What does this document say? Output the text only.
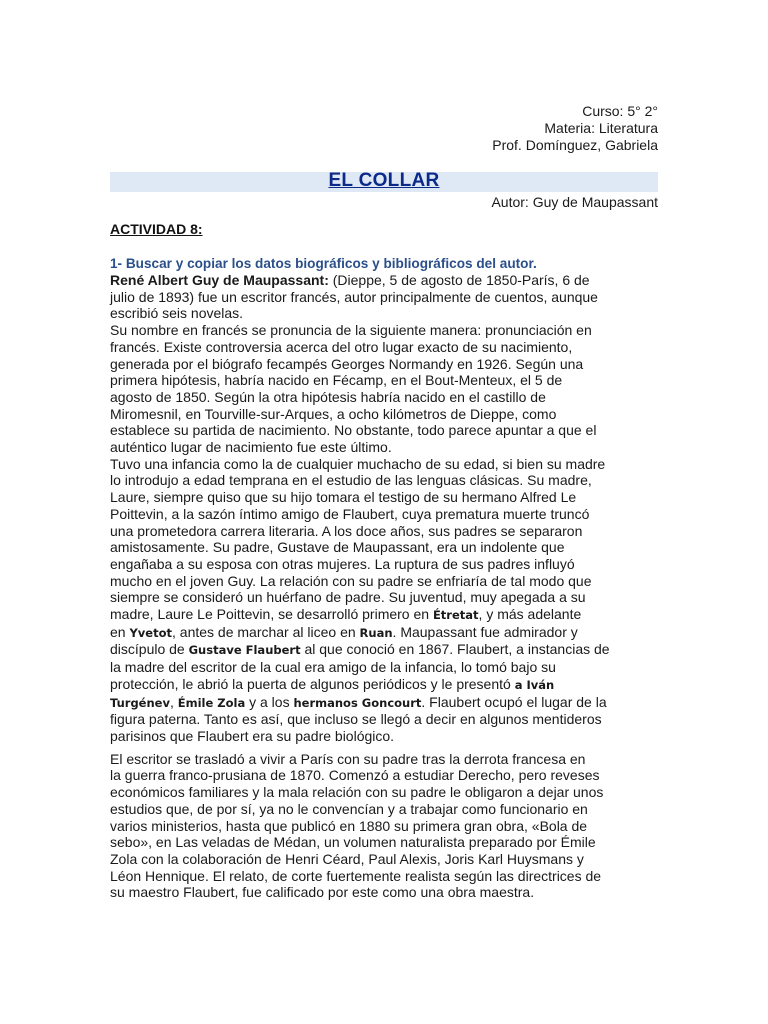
Curso: 5° 2°
Materia: Literatura
Prof. Domínguez, Gabriela
EL COLLAR
Autor: Guy de Maupassant
ACTIVIDAD 8:
1- Buscar y copiar los datos biográficos y bibliográficos del autor.

René Albert Guy de Maupassant: (Dieppe, 5 de agosto de 1850-París, 6 de
julio de 1893) fue un escritor francés, autor principalmente de cuentos, aunque
escribió seis novelas.
Su nombre en francés se pronuncia de la siguiente manera: pronunciación en
francés. Existe controversia acerca del otro lugar exacto de su nacimiento,
generada por el biógrafo fecampés Georges Normandy en 1926. Según una
primera hipótesis, habría nacido en Fécamp, en el Bout-Menteux, el 5 de
agosto de 1850. Según la otra hipótesis habría nacido en el castillo de
Miromesnil, en Tourville-sur-Arques, a ocho kilómetros de Dieppe, como
establece su partida de nacimiento. No obstante, todo parece apuntar a que el
auténtico lugar de nacimiento fue este último.
Tuvo una infancia como la de cualquier muchacho de su edad, si bien su madre
lo introdujo a edad temprana en el estudio de las lenguas clásicas. Su madre,
Laure, siempre quiso que su hijo tomara el testigo de su hermano Alfred Le
Poittevin, a la sazón íntimo amigo de Flaubert, cuya prematura muerte truncó
una prometedora carrera literaria. A los doce años, sus padres se separaron
amistosamente. Su padre, Gustave de Maupassant, era un indolente que
engañaba a su esposa con otras mujeres. La ruptura de sus padres influyó
mucho en el joven Guy. La relación con su padre se enfriaría de tal modo que
siempre se consideró un huérfano de padre. Su juventud, muy apegada a su
madre, Laure Le Poittevin, se desarrolló primero en Étretat, y más adelante
en Yvetot, antes de marchar al liceo en Ruan. Maupassant fue admirador y
discípulo de Gustave Flaubert al que conoció en 1867. Flaubert, a instancias de
la madre del escritor de la cual era amigo de la infancia, lo tomó bajo su
protección, le abrió la puerta de algunos periódicos y le presentó a Iván
Turgénev, Émile Zola y a los hermanos Goncourt. Flaubert ocupó el lugar de la
figura paterna. Tanto es así, que incluso se llegó a decir en algunos mentideros
parisinos que Flaubert era su padre biológico.

El escritor se trasladó a vivir a París con su padre tras la derrota francesa en
la guerra franco-prusiana de 1870. Comenzó a estudiar Derecho, pero reveses
económicos familiares y la mala relación con su padre le obligaron a dejar unos
estudios que, de por sí, ya no le convencían y a trabajar como funcionario en
varios ministerios, hasta que publicó en 1880 su primera gran obra, «Bola de
sebo», en Las veladas de Médan, un volumen naturalista preparado por Émile
Zola con la colaboración de Henri Céard, Paul Alexis, Joris Karl Huysmans y
Léon Hennique. El relato, de corte fuertemente realista según las directrices de
su maestro Flaubert, fue calificado por este como una obra maestra.
